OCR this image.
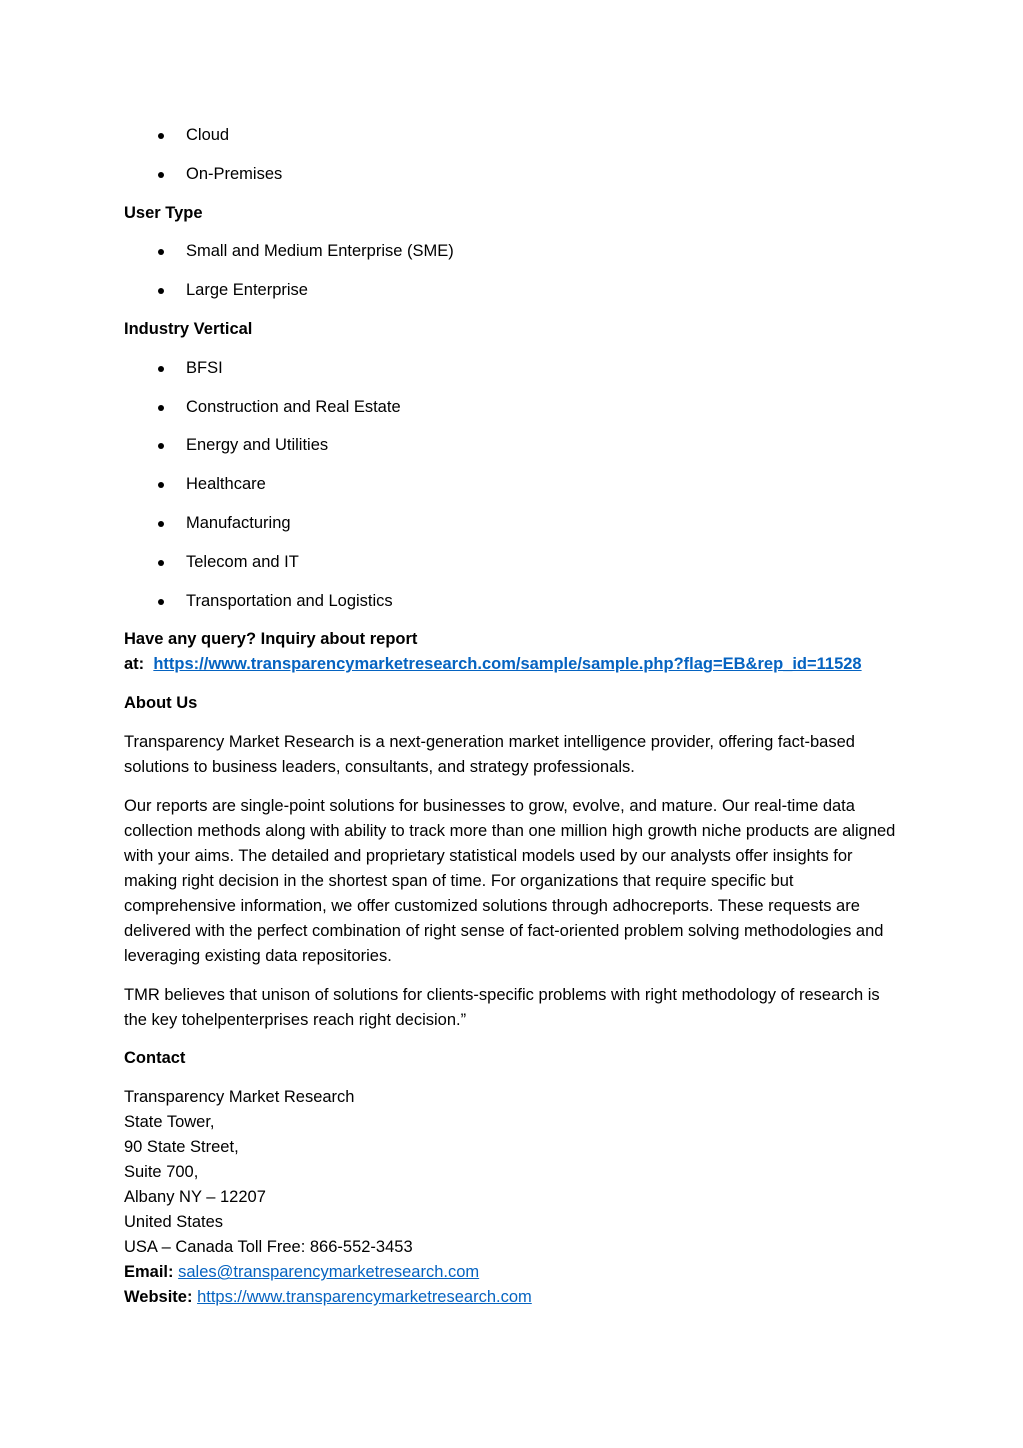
Cloud
On-Premises
User Type
Small and Medium Enterprise (SME)
Large Enterprise
Industry Vertical
BFSI
Construction and Real Estate
Energy and Utilities
Healthcare
Manufacturing
Telecom and IT
Transportation and Logistics
Have any query? Inquiry about report
at: https://www.transparencymarketresearch.com/sample/sample.php?flag=EB&rep_id=11528
About Us

Transparency Market Research is a next-generation market intelligence provider, offering fact-based solutions to business leaders, consultants, and strategy professionals.

Our reports are single-point solutions for businesses to grow, evolve, and mature. Our real-time data collection methods along with ability to track more than one million high growth niche products are aligned with your aims. The detailed and proprietary statistical models used by our analysts offer insights for making right decision in the shortest span of time. For organizations that require specific but comprehensive information, we offer customized solutions through adhocreports. These requests are delivered with the perfect combination of right sense of fact-oriented problem solving methodologies and leveraging existing data repositories.

TMR believes that unison of solutions for clients-specific problems with right methodology of research is the key tohelpenterprises reach right decision.”

Contact
Transparency Market Research
State Tower,
90 State Street,
Suite 700,
Albany NY – 12207
United States
USA – Canada Toll Free: 866-552-3453
Email: sales@transparencymarketresearch.com
Website: https://www.transparencymarketresearch.com
